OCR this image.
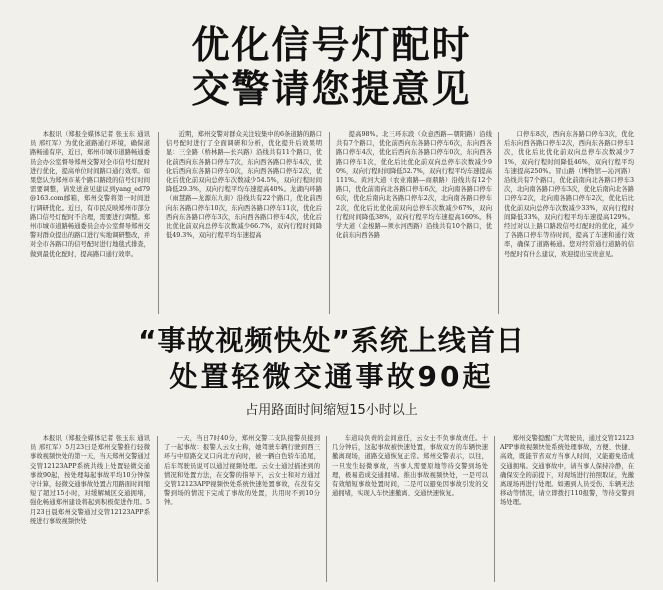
优化信号灯配时
交警请您提意见

本报讯（郑报全媒体记者 张玉东 通讯员 邢红军）为优化道路通行环境，确保道路畅通有序，近日，郑州市城市道路畅通委员会办公室督导郑州交警对全市信号灯配时进行优化，提高单位时间路口通行效率。如果您认为郑州市某个路口路段的信号灯时间需要调整，请发送意见建议到yang_ed79@163.com邮箱，郑州交警将第一时间进行调研优化。近日，有市民反映郑州市部分路口信号灯配时不合理，需要进行调整。郑州市城市道路畅通委员会办公室督导郑州交警对群众提出的路口进行实地调研整改，并对全市各路口的信号配时进行地毯式排查，做到最优化配时，提高路口通行效率。

近期，郑州交警对群众关注较集中的6条道路的路口信号配时进行了全面调研和分析，优化提升后效果明显：三全路（桥林路—长兴路）沿线共有11个路口，优化前西向东各路口停车7次，东向西各路口停车4次，优化后西向东各路口停车0次，东向西各路口停车2次，优化后优化前双向总停车次数减少54.5%，双向行程时间降低29.3%，双向行程平均车速提高40%。龙湖内环路（雨慧路—龙源东九街）沿线共有22个路口，优化前西向东各路口停车10次，东向西各路口停车11次，优化后西向东各路口停车3次，东向西各路口停车4次，优化后比优化前双向总停车次数减少66.7%，双向行程时间降低49.3%，双向行程平均车速提高

提高98%。北三环东段（众意西路—朝阳路）沿线共有7个路口，优化前西向东各路口停车6次，东向西各路口停车4次，优化后西向东各路口停车0次，东向西各路口停车1次，优化后比优化前双向总停车次数减少90%，双向行程时间降低52.7%，双向行程平均车速提高111%。黄河大道（农业南路—商鼎路）沿线共有12个路口，优化前南向北各路口停车6次，北向南各路口停车6次，优化后南向北各路口停车2次，北向南各路口停车2次，优化后比优化前双向总停车次数减少67%，双向行程时间降低38%，双向行程平均车速提高160%。科学大道（金梭路—须水河西路）沿线共有10个路口，优化前东向西各路

口停车8次，西向东各路口停车3次，优化后东向西各路口停车2次，西向东各路口停车1次，优化后比优化前双向总停车次数减少71%，双向行程时间降低46%，双向行程平均车速提高250%。冒山路（博物馆—沁河路）沿线共有7个路口，优化前南向北各路口停车3次，北向南各路口停车3次，优化后南向北各路口停车2次，北向南各路口停车2次，优化后比优化前双向总停车次数减少33%，双向行程时间降低33%，双向行程平均车速提高129%。经过对以上路口路段信号灯配时的优化，减少了各路口停车等待时间，提高了车速和通行效率，确保了道路畅通。您对经常通行道路的信号配时有什么建议，欢迎提出宝贵意见。

“事故视频快处”系统上线首日
处置轻微交通事故90起
占用路面时间缩短15小时以上

本报讯（郑报全媒体记者 张玉东 通讯员 邢红军）5月23日是郑州交警推行轻微事故视频快处的第一天，当天郑州交警通过交管12123APP系统共线上处置轻微交通事故90起，按处理每起事故平均10分钟保守计算，轻微交通事故处置占用路面时间缩短了超过15小时，对缓解城区交通拥堵，强化畅通郑州建设将起到积极促进作用。5月23日晨郑州交警通过交管12123APP系统进行事故视频快处

一天，当日7时40分，郑州交警二支队接警员接到了一起事故：报警人云女士称，她驾驶车辆行驶到西三环与中原路交叉口向北方向时，被一辆白色轿车追尾，后车驾驶员说可以通过视频处理。云女士通过描述到的情况和处置方法，在交警的指导下，云女士和对方通过交管12123APP视频快处系统快速处置事故，在没有交警到场的情况下完成了事故的处置，共用时不到10分钟。

车道局负责的金间意任，云女士不负事故责任。十几分钟后，这起事故被快速处置，事故双方的车辆快速撤离现场，道路交通恢复正常。郑州交警表示，以往，一旦发生轻微事故，当事人需要原地等待交警到场处理，极易造成交通拥堵。推出事故视频快处，一是可以有效缩短事故处置时间，二是可以避免因事故引发的交通拥堵，实现人车快速撤离、交通快速恢复。

郑州交警提醒广大驾驶员，通过交管12123APP事故视频快处系统处理事故，方便、快捷、高效，既能节省双方当事人时间，又能避免造成交通拥堵。交通事故中，请当事人保持冷静，在确保安全的前提下，对现场进行拍照取证，先撤离现场再进行处理。如遇到人员受伤、车辆无法移动等情况，请立即拨打110报警，等待交警到场处理。
